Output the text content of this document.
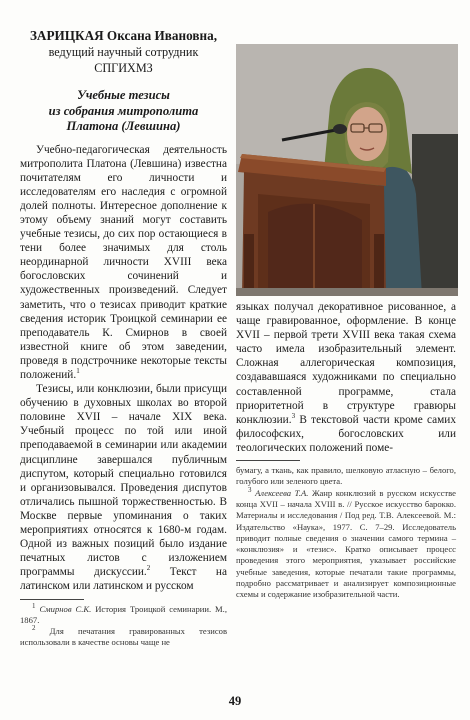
ЗАРИЦКАЯ Оксана Ивановна,
ведущий научный сотрудник
СПГИХМЗ

Учебные тезисы
из собрания митрополита
Платона (Левшина)

Учебно-педагогическая деятельность митрополита Платона (Левшина) известна почитателям его личности и исследователям его наследия с огромной долей полноты. Интересное дополнение к этому объему знаний могут составить учебные тезисы, до сих пор остающиеся в тени более значимых для столь неординарной личности XVIII века богословских сочинений и художественных произведений. Следует заметить, что о тезисах приводит краткие сведения историк Троицкой семинарии ее преподаватель К. Смирнов в своей известной книге об этом заведении, проведя в подстрочнике некоторые тексты положений.$^1$

Тезисы, или конклюзии, были присущи обучению в духовных школах во второй половине XVII – начале XIX века. Учебный процесс по той или иной преподаваемой в семинарии или академии дисциплине завершался публичным диспутом, который специально готовился и организовывался. Проведения диспутов отличались пышной торжественностью. В Москве первые упоминания о таких мероприятиях относятся к 1680-м годам. Одной из важных позиций было издание печатных листов с изложением программы дискуссии.$^2$ Текст на латинском или латинском и русском

$^1$ Смирнов С.К. История Троицкой семинарии. М., 1867.

$^2$ Для печатания гравированных тезисов использовали в качестве основы чаще не

языках получал декоративное рисованное, а чаще гравированное, оформление. В конце XVII – первой трети XVIII века такая схема часто имела изобразительный элемент. Сложная аллегорическая композиция, создававшаяся художниками по специально составленной программе, стала приоритетной в структуре гравюры конклюзии.$^3$ В текстовой части кроме самих философских, богословских или теологических положений поме-

бумагу, а ткань, как правило, шелковую атласную – белого, голубого или зеленого цвета.

$^3$ Алексеева Т.А. Жанр конклюзий в русском искусстве конца XVII – начала XVIII в. // Русское искусство барокко. Материалы и исследования / Под ред. Т.В. Алексеевой. М.: Издательство «Наука», 1977. С. 7–29. Исследователь приводит полные сведения о значении самого термина – «конклюзия» и «тезис». Кратко описывает процесс проведения этого мероприятия, указывает российские учебные заведения, которые печатали такие программы, подробно рассматривает и анализирует композиционные схемы и содержание изобразительной части.

49
